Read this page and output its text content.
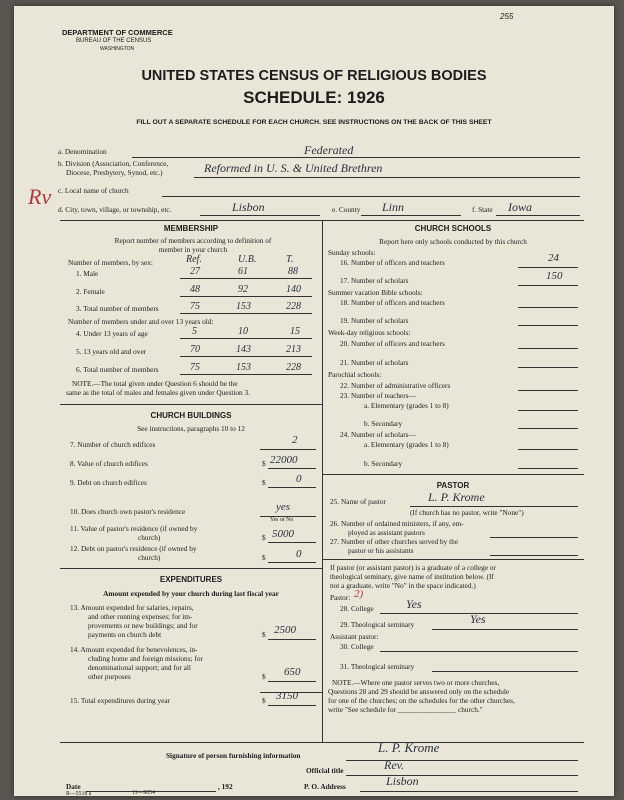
255
DEPARTMENT OF COMMERCE
BUREAU OF THE CENSUS
WASHINGTON
UNITED STATES CENSUS OF RELIGIOUS BODIES
SCHEDULE: 1926
FILL OUT A SEPARATE SCHEDULE FOR EACH CHURCH. SEE INSTRUCTIONS ON THE BACK OF THIS SHEET
a. Denomination	Federated
b. Division (Association, Conference,
Diocese, Presbytery, Synod, etc.)	Reformed in U. S. & United Brethren
Rv c. Local name of church
d. City, town, village, or township, etc.	Lisbon	e. County Linn	f. State Iowa
MEMBERSHIP
Report number of members according to definition of
member in your church
Number of members, by sex:	Ref.	U.B.	T.
1. Male	27	61	88
2. Female	48	92	140
3. Total number of members	75	153	228
Number of members under and over 13 years old:
4. Under 13 years of age	5	10	15
5. 13 years old and over	70	143	213
6. Total number of members	75	153	228
NOTE.—The total given under Question 6 should be the
same as the total of males and females given under Question 3.
CHURCH BUILDINGS
See instructions, paragraphs 10 to 12
7. Number of church edifices	2
8. Value of church edifices	$ 22000
9. Debt on church edifices	$	0
10. Does church own pastor's residence	yes
Yes or No
11. Value of pastor's residence (if owned by
church)	$ 5000
12. Debt on pastor's residence (if owned by
church)	$	0
EXPENDITURES
Amount expended by your church during last fiscal year
13. Amount expended for salaries, repairs,
and other running expenses; for im-
provements or new buildings; and for
payments on church debt	$ 2500
14. Amount expended for benevolences, in-
cluding home and foreign missions; for
denominational support; and for all
other purposes	$ 650
15. Total expenditures during year	$ 3150
CHURCH SCHOOLS
Report here only schools conducted by this church
Sunday schools:
16. Number of officers and teachers	24
17. Number of scholars	150
Summer vacation Bible schools:
18. Number of officers and teachers
19. Number of scholars
Week-day religious schools:
20. Number of officers and teachers
21. Number of scholars
Parochial schools:
22. Number of administrative officers
23. Number of teachers—
a. Elementary (grades 1 to 8)
b. Secondary
24. Number of scholars—
a. Elementary (grades 1 to 8)
b. Secondary
PASTOR
25. Name of pastor	L. P. Krome
(If church has no pastor, write "None")
26. Number of ordained ministers, if any, em-
ployed as assistant pastors
27. Number of other churches served by the
pastor or his assistants
If pastor (or assistant pastor) is a graduate of a college or
theological seminary, give name of institution below. (If
not a graduate, write "No" in the space indicated.)
Pastor: 2)
28. College	Yes
29. Theological seminary	Yes
Assistant pastor:
30. College
31. Theological seminary
NOTE.—Where one pastor serves two or more churches,
Questions 28 and 29 should be answered only on the schedule
for one of the churches; on the schedules for the other churches,
write "See schedule for ________________ church."
Signature of person furnishing information
L. P. Krome
Official title	Rev.
Date	, 192	P. O. Address	Lisbon
R—5518 a	11—9054
